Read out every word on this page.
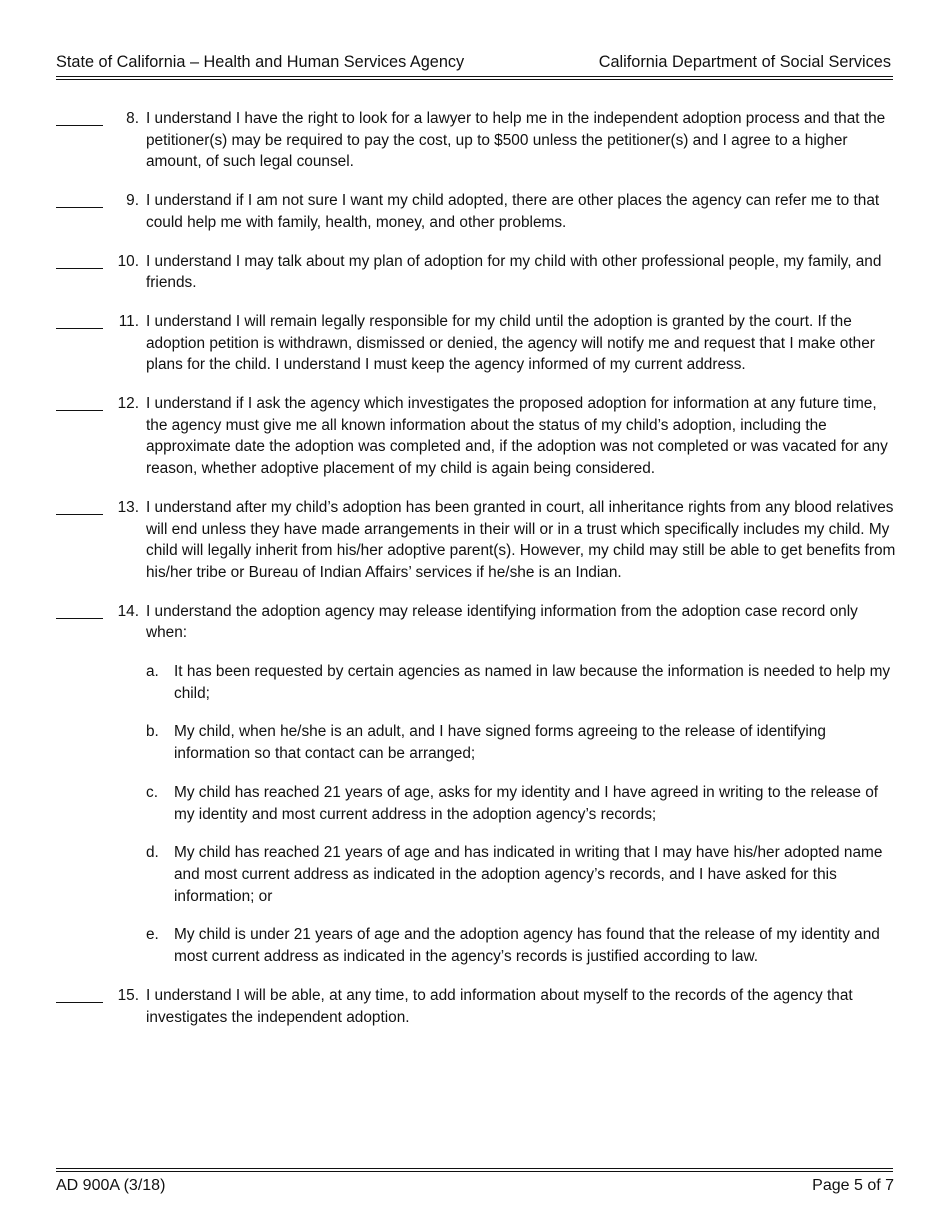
State of California – Health and Human Services Agency	California Department of Social Services
8. I understand I have the right to look for a lawyer to help me in the independent adoption process and that the petitioner(s) may be required to pay the cost, up to $500 unless the petitioner(s) and I agree to a higher amount, of such legal counsel.
9. I understand if I am not sure I want my child adopted, there are other places the agency can refer me to that could help me with family, health, money, and other problems.
10. I understand I may talk about my plan of adoption for my child with other professional people, my family, and friends.
11. I understand I will remain legally responsible for my child until the adoption is granted by the court. If the adoption petition is withdrawn, dismissed or denied, the agency will notify me and request that I make other plans for the child. I understand I must keep the agency informed of my current address.
12. I understand if I ask the agency which investigates the proposed adoption for information at any future time, the agency must give me all known information about the status of my child’s adoption, including the approximate date the adoption was completed and, if the adoption was not completed or was vacated for any reason, whether adoptive placement of my child is again being considered.
13. I understand after my child’s adoption has been granted in court, all inheritance rights from any blood relatives will end unless they have made arrangements in their will or in a trust which specifically includes my child. My child will legally inherit from his/her adoptive parent(s). However, my child may still be able to get benefits from his/her tribe or Bureau of Indian Affairs’ services if he/she is an Indian.
14. I understand the adoption agency may release identifying information from the adoption case record only when:
a. It has been requested by certain agencies as named in law because the information is needed to help my child;
b. My child, when he/she is an adult, and I have signed forms agreeing to the release of identifying information so that contact can be arranged;
c. My child has reached 21 years of age, asks for my identity and I have agreed in writing to the release of my identity and most current address in the adoption agency’s records;
d. My child has reached 21 years of age and has indicated in writing that I may have his/her adopted name and most current address as indicated in the adoption agency’s records, and I have asked for this information; or
e. My child is under 21 years of age and the adoption agency has found that the release of my identity and most current address as indicated in the agency’s records is justified according to law.
15. I understand I will be able, at any time, to add information about myself to the records of the agency that investigates the independent adoption.
AD 900A (3/18)	Page 5 of 7
